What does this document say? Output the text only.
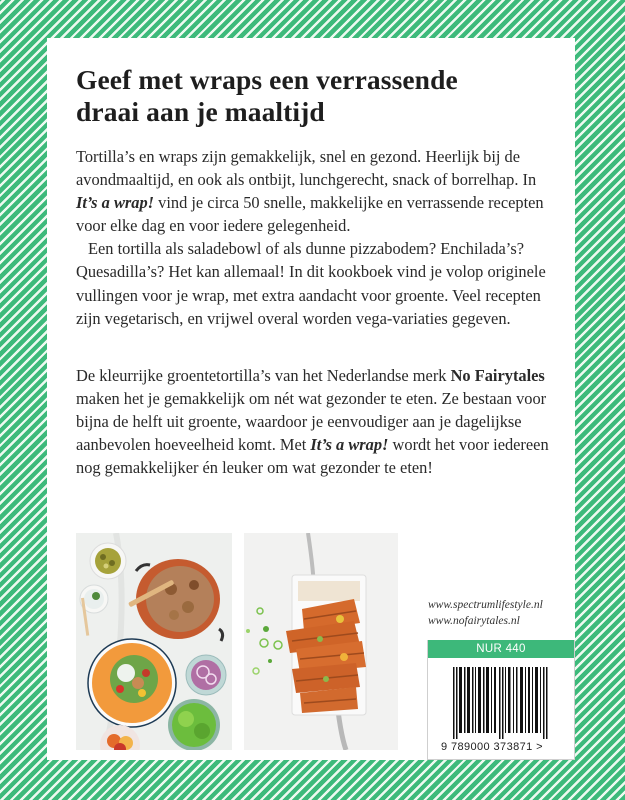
Geef met wraps een verrassende
draai aan je maaltijd

Tortilla’s en wraps zijn gemakkelijk, snel en gezond. Heerlijk bij de avondmaaltijd, en ook als ontbijt, lunchgerecht, snack of borrelhap. In It’s a wrap! vind je circa 50 snelle, makkelijke en verrassende recepten voor elke dag en voor iedere gelegenheid.

Een tortilla als saladebowl of als dunne pizzabodem? Enchilada’s? Quesadilla’s? Het kan allemaal! In dit kookboek vind je volop originele vullingen voor je wrap, met extra aandacht voor groente. Veel recepten zijn vegetarisch, en vrijwel overal worden vega-variaties gegeven.

De kleurrijke groentetortilla’s van het Nederlandse merk No Fairytales maken het je gemakkelijk om nét wat gezonder te eten. Ze bestaan voor bijna de helft uit groente, waardoor je eenvoudiger aan je dagelijkse aanbevolen hoeveelheid komt. Met It’s a wrap! wordt het voor iedereen nog gemakkelijker én leuker om wat gezonder te eten!

www.spectrumlifestyle.nl
www.nofairytales.nl
NUR 440
9 789000 373871 >
